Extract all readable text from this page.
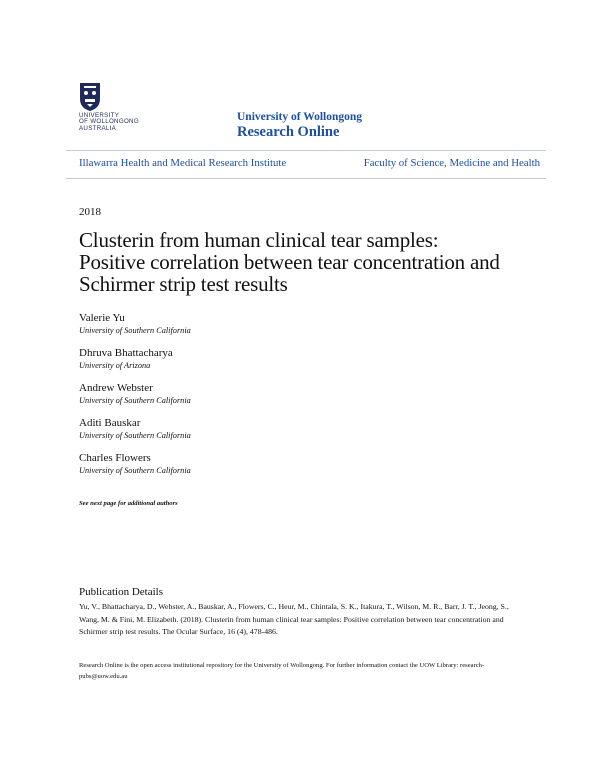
UNIVERSITY
OF WOLLONGONG
AUSTRALIA
University of Wollongong
Research Online
Illawarra Health and Medical Research Institute	Faculty of Science, Medicine and Health
2018
Clusterin from human clinical tear samples:
Positive correlation between tear concentration and
Schirmer strip test results
Valerie Yu
University of Southern California
Dhruva Bhattacharya
University of Arizona
Andrew Webster
University of Southern California
Aditi Bauskar
University of Southern California
Charles Flowers
University of Southern California
See next page for additional authors
Publication Details
Yu, V., Bhattacharya, D., Webster, A., Bauskar, A., Flowers, C., Heur, M., Chintala, S. K., Itakura, T., Wilson, M. R., Barr, J. T., Jeong, S., Wang, M. & Fini, M. Elizabeth. (2018). Clusterin from human clinical tear samples: Positive correlation between tear concentration and Schirmer strip test results. The Ocular Surface, 16 (4), 478-486.
Research Online is the open access institutional repository for the University of Wollongong. For further information contact the UOW Library: research-pubs@uow.edu.au
